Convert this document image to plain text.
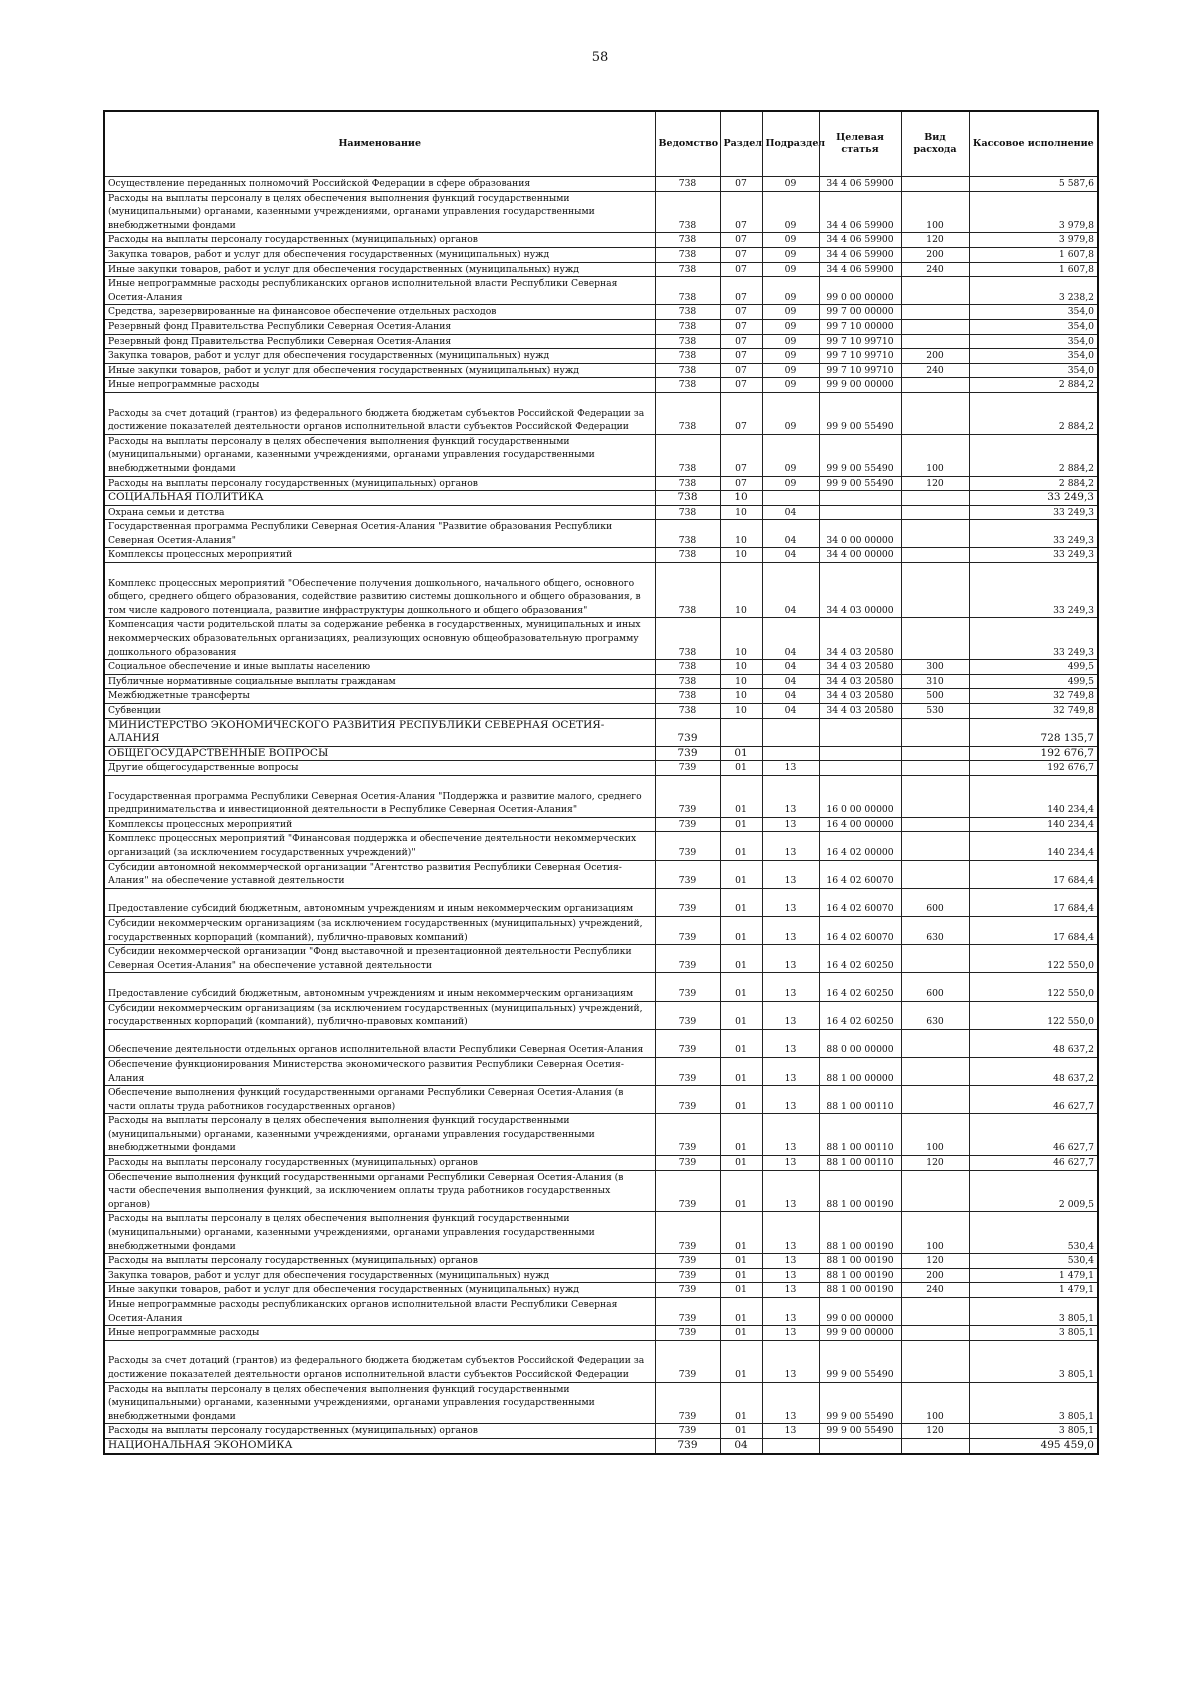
58
Наименование	Ведомство	Раздел	Подраздел	Целевая статья	Вид расхода	Кассовое исполнение
Осуществление переданных полномочий Российской Федерации в сфере образования	738	07	09	34 4 06 59900		5 587,6
Расходы на выплаты персоналу в целях обеспечения выполнения функций государственными (муниципальными) органами, казенными учреждениями, органами управления государственными внебюджетными фондами	738	07	09	34 4 06 59900	100	3 979,8
Расходы на выплаты персоналу государственных (муниципальных) органов	738	07	09	34 4 06 59900	120	3 979,8
Закупка товаров, работ и услуг для обеспечения государственных (муниципальных) нужд	738	07	09	34 4 06 59900	200	1 607,8
Иные закупки товаров, работ и услуг для обеспечения государственных (муниципальных) нужд	738	07	09	34 4 06 59900	240	1 607,8
Иные непрограммные расходы республиканских органов исполнительной власти Республики Северная Осетия-Алания	738	07	09	99 0 00 00000		3 238,2
Средства, зарезервированные на финансовое обеспечение отдельных расходов	738	07	09	99 7 00 00000		354,0
Резервный фонд Правительства Республики Северная Осетия-Алания	738	07	09	99 7 10 00000		354,0
Резервный фонд Правительства Республики Северная Осетия-Алания	738	07	09	99 7 10 99710		354,0
Закупка товаров, работ и услуг для обеспечения государственных (муниципальных) нужд	738	07	09	99 7 10 99710	200	354,0
Иные закупки товаров, работ и услуг для обеспечения государственных (муниципальных) нужд	738	07	09	99 7 10 99710	240	354,0
Иные непрограммные расходы	738	07	09	99 9 00 00000		2 884,2
Расходы за счет дотаций (грантов) из федерального бюджета бюджетам субъектов Российской Федерации за достижение показателей деятельности органов исполнительной власти субъектов Российской Федерации	738	07	09	99 9 00 55490		2 884,2
Расходы на выплаты персоналу в целях обеспечения выполнения функций государственными (муниципальными) органами, казенными учреждениями, органами управления государственными внебюджетными фондами	738	07	09	99 9 00 55490	100	2 884,2
Расходы на выплаты персоналу государственных (муниципальных) органов	738	07	09	99 9 00 55490	120	2 884,2
СОЦИАЛЬНАЯ ПОЛИТИКА	738	10				33 249,3
Охрана семьи и детства	738	10	04			33 249,3
Государственная программа Республики Северная Осетия-Алания "Развитие образования Республики Северная Осетия-Алания"	738	10	04	34 0 00 00000		33 249,3
Комплексы процессных мероприятий	738	10	04	34 4 00 00000		33 249,3
Комплекс процессных мероприятий "Обеспечение получения дошкольного, начального общего, основного общего, среднего общего образования, содействие развитию системы дошкольного и общего образования, в том числе кадрового потенциала, развитие инфраструктуры дошкольного и общего образования"	738	10	04	34 4 03 00000		33 249,3
Компенсация части родительской платы за содержание ребенка в государственных, муниципальных и иных некоммерческих образовательных организациях, реализующих основную общеобразовательную программу дошкольного образования	738	10	04	34 4 03 20580		33 249,3
Социальное обеспечение и иные выплаты населению	738	10	04	34 4 03 20580	300	499,5
Публичные нормативные социальные выплаты гражданам	738	10	04	34 4 03 20580	310	499,5
Межбюджетные трансферты	738	10	04	34 4 03 20580	500	32 749,8
Субвенции	738	10	04	34 4 03 20580	530	32 749,8
МИНИСТЕРСТВО ЭКОНОМИЧЕСКОГО РАЗВИТИЯ РЕСПУБЛИКИ СЕВЕРНАЯ ОСЕТИЯ-АЛАНИЯ	739					728 135,7
ОБЩЕГОСУДАРСТВЕННЫЕ ВОПРОСЫ	739	01				192 676,7
Другие общегосударственные вопросы	739	01	13			192 676,7
Государственная программа Республики Северная Осетия-Алания "Поддержка и развитие малого, среднего предпринимательства и инвестиционной деятельности в Республике Северная Осетия-Алания"	739	01	13	16 0 00 00000		140 234,4
Комплексы процессных мероприятий	739	01	13	16 4 00 00000		140 234,4
Комплекс процессных мероприятий "Финансовая поддержка и обеспечение деятельности некоммерческих организаций (за исключением государственных учреждений)"	739	01	13	16 4 02 00000		140 234,4
Субсидии автономной некоммерческой организации "Агентство развития Республики Северная Осетия-Алания" на обеспечение уставной деятельности	739	01	13	16 4 02 60070		17 684,4
Предоставление субсидий бюджетным, автономным учреждениям и иным некоммерческим организациям	739	01	13	16 4 02 60070	600	17 684,4
Субсидии некоммерческим организациям (за исключением государственных (муниципальных) учреждений, государственных корпораций (компаний), публично-правовых компаний)	739	01	13	16 4 02 60070	630	17 684,4
Субсидии некоммерческой организации "Фонд выставочной и презентационной деятельности Республики Северная Осетия-Алания" на обеспечение уставной деятельности	739	01	13	16 4 02 60250		122 550,0
Предоставление субсидий бюджетным, автономным учреждениям и иным некоммерческим организациям	739	01	13	16 4 02 60250	600	122 550,0
Субсидии некоммерческим организациям (за исключением государственных (муниципальных) учреждений, государственных корпораций (компаний), публично-правовых компаний)	739	01	13	16 4 02 60250	630	122 550,0
Обеспечение деятельности отдельных органов исполнительной власти Республики Северная Осетия-Алания	739	01	13	88 0 00 00000		48 637,2
Обеспечение функционирования Министерства экономического развития Республики Северная Осетия-Алания	739	01	13	88 1 00 00000		48 637,2
Обеспечение выполнения функций государственными органами Республики Северная Осетия-Алания (в части оплаты труда работников государственных органов)	739	01	13	88 1 00 00110		46 627,7
Расходы на выплаты персоналу в целях обеспечения выполнения функций государственными (муниципальными) органами, казенными учреждениями, органами управления государственными внебюджетными фондами	739	01	13	88 1 00 00110	100	46 627,7
Расходы на выплаты персоналу государственных (муниципальных) органов	739	01	13	88 1 00 00110	120	46 627,7
Обеспечение выполнения функций государственными органами Республики Северная Осетия-Алания (в части обеспечения выполнения функций, за исключением оплаты труда работников государственных органов)	739	01	13	88 1 00 00190		2 009,5
Расходы на выплаты персоналу в целях обеспечения выполнения функций государственными (муниципальными) органами, казенными учреждениями, органами управления государственными внебюджетными фондами	739	01	13	88 1 00 00190	100	530,4
Расходы на выплаты персоналу государственных (муниципальных) органов	739	01	13	88 1 00 00190	120	530,4
Закупка товаров, работ и услуг для обеспечения государственных (муниципальных) нужд	739	01	13	88 1 00 00190	200	1 479,1
Иные закупки товаров, работ и услуг для обеспечения государственных (муниципальных) нужд	739	01	13	88 1 00 00190	240	1 479,1
Иные непрограммные расходы республиканских органов исполнительной власти Республики Северная Осетия-Алания	739	01	13	99 0 00 00000		3 805,1
Иные непрограммные расходы	739	01	13	99 9 00 00000		3 805,1
Расходы за счет дотаций (грантов) из федерального бюджета бюджетам субъектов Российской Федерации за достижение показателей деятельности органов исполнительной власти субъектов Российской Федерации	739	01	13	99 9 00 55490		3 805,1
Расходы на выплаты персоналу в целях обеспечения выполнения функций государственными (муниципальными) органами, казенными учреждениями, органами управления государственными внебюджетными фондами	739	01	13	99 9 00 55490	100	3 805,1
Расходы на выплаты персоналу государственных (муниципальных) органов	739	01	13	99 9 00 55490	120	3 805,1
НАЦИОНАЛЬНАЯ ЭКОНОМИКА	739	04				495 459,0
